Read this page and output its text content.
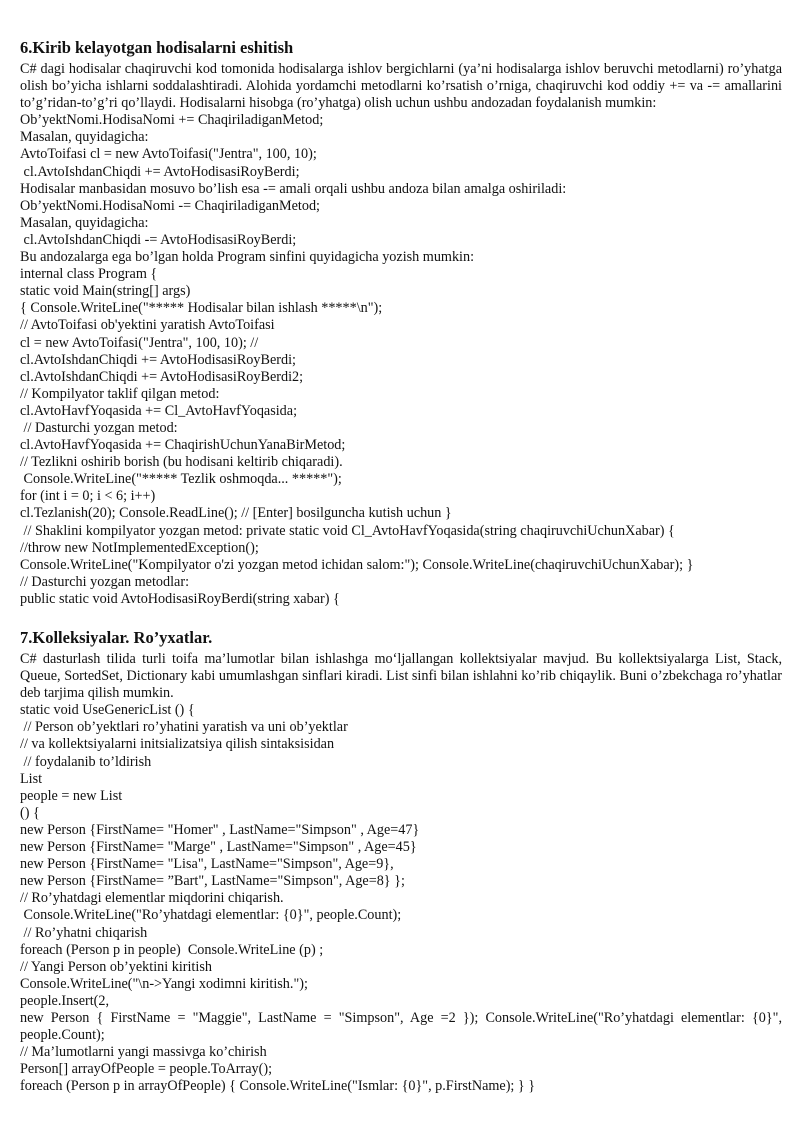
6.Kirib kelayotgan hodisalarni eshitish

C# dagi hodisalar chaqiruvchi kod tomonida hodisalarga ishlov bergichlarni (ya’ni hodisalarga ishlov beruvchi metodlarni) ro’yhatga olish bo’yicha ishlarni soddalashtiradi. Alohida yordamchi metodlarni ko’rsatish o’rniga, chaqiruvchi kod oddiy += va -= amallarini to’g’ridan-to’g’ri qo’llaydi. Hodisalarni hisobga (ro’yhatga) olish uchun ushbu andozadan foydalanish mumkin:

Ob’yektNomi.HodisaNomi += ChaqiriladiganMetod;
Masalan, quyidagicha:
AvtoToifasi cl = new AvtoToifasi("Jentra", 100, 10);
cl.AvtoIshdanChiqdi += AvtoHodisasiRoyBerdi;
Hodisalar manbasidan mosuvo bo’lish esa -= amali orqali ushbu andoza bilan amalga oshiriladi:
Ob’yektNomi.HodisaNomi -= ChaqiriladiganMetod;
Masalan, quyidagicha:
cl.AvtoIshdanChiqdi -= AvtoHodisasiRoyBerdi;
Bu andozalarga ega bo’lgan holda Program sinfini quyidagicha yozish mumkin:
internal class Program {
static void Main(string[] args)
{ Console.WriteLine("***** Hodisalar bilan ishlash *****\n");
// AvtoToifasi ob'yektini yaratish AvtoToifasi
cl = new AvtoToifasi("Jentra", 100, 10); //
cl.AvtoIshdanChiqdi += AvtoHodisasiRoyBerdi;
cl.AvtoIshdanChiqdi += AvtoHodisasiRoyBerdi2;
// Kompilyator taklif qilgan metod:
cl.AvtoHavfYoqasida += Cl_AvtoHavfYoqasida;
// Dasturchi yozgan metod:
cl.AvtoHavfYoqasida += ChaqirishUchunYanaBirMetod;
// Tezlikni oshirib borish (bu hodisani keltirib chiqaradi).
Console.WriteLine("***** Tezlik oshmoqda... *****");
for (int i = 0; i < 6; i++)
cl.Tezlanish(20); Console.ReadLine(); // [Enter] bosilguncha kutish uchun }
// Shaklini kompilyator yozgan metod: private static void Cl_AvtoHavfYoqasida(string chaqiruvchiUchunXabar) {
//throw new NotImplementedException();
Console.WriteLine("Kompilyator o'zi yozgan metod ichidan salom:"); Console.WriteLine(chaqiruvchiUchunXabar); }
// Dasturchi yozgan metodlar:
public static void AvtoHodisasiRoyBerdi(string xabar) {
7.Kolleksiyalar. Ro’yxatlar.

C# dasturlash tilida turli toifa ma’lumotlar bilan ishlashga mo‘ljallangan kollektsiyalar mavjud. Bu kollektsiyalarga List, Stack, Queue, SortedSet, Dictionary kabi umumlashgan sinflari kiradi. List sinfi bilan ishlahni ko’rib chiqaylik. Buni o’zbekchaga ro’yhatlar deb tarjima qilish mumkin.

static void UseGenericList () {
// Person ob’yektlari ro’yhatini yaratish va uni ob’yektlar
// va kollektsiyalarni initsializatsiya qilish sintaksisidan
// foydalanib to’ldirish
List
people = new List
() {
new Person {FirstName= "Homer" , LastName="Simpson" , Age=47}
new Person {FirstName= "Marge" , LastName="Simpson" , Age=45}
new Person {FirstName= "Lisa", LastName="Simpson", Age=9},
new Person {FirstName= ”Bart", LastName="Simpson", Age=8} };
// Ro’yhatdagi elementlar miqdorini chiqarish.
Console.WriteLine("Ro’yhatdagi elementlar: {0}", people.Count);
// Ro’yhatni chiqarish
foreach (Person p in people)  Console.WriteLine (p) ;
// Yangi Person ob’yektini kiritish
Console.WriteLine("\n->Yangi xodimni kiritish.");
people.Insert(2,

new Person { FirstName = "Maggie", LastName = "Simpson", Age =2 }); Console.WriteLine("Ro’yhatdagi elementlar: {0}", people.Count);

// Ma’lumotlarni yangi massivga ko’chirish
Person[] arrayOfPeople = people.ToArray();
foreach (Person p in arrayOfPeople) { Console.WriteLine("Ismlar: {0}", p.FirstName); } }
